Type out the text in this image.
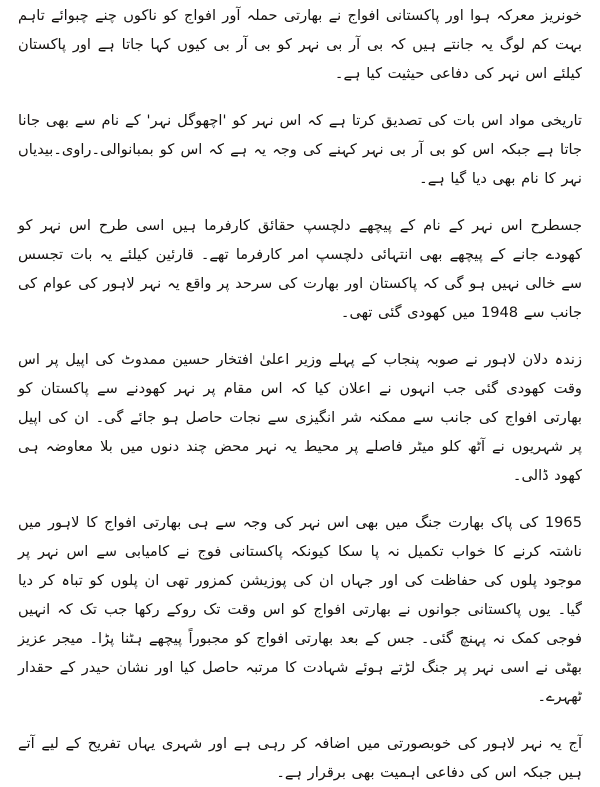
خونریز معرکہ ہوا اور پاکستانی افواج نے بھارتی حملہ آور افواج کو ناکوں چنے چبوائے تاہم بہت کم لوگ یہ جانتے ہیں کہ بی آر بی نہر کو بی آر بی کیوں کہا جاتا ہے اور پاکستان کیلئے اس نہر کی دفاعی حیثیت کیا ہے۔

تاریخی مواد اس بات کی تصدیق کرتا ہے کہ اس نہر کو 'اچھوگل نہر' کے نام سے بھی جانا جاتا ہے جبکہ اس کو بی آر بی نہر کہنے کی وجہ یہ ہے کہ اس کو بمبانوالی۔راوی۔بیدیاں نہر کا نام بھی دیا گیا ہے۔

جسطرح اس نہر کے نام کے پیچھے دلچسپ حقائق کارفرما ہیں اسی طرح اس نہر کو کھودے جانے کے پیچھے بھی انتہائی دلچسپ امر کارفرما تھے۔ قارئین کیلئے یہ بات تجسس سے خالی نہیں ہو گی کہ پاکستان اور بھارت کی سرحد پر واقع یہ نہر لاہور کی عوام کی جانب سے 1948 میں کھودی گئی تھی۔

زندہ دلان لاہور نے صوبہ پنجاب کے پہلے وزیر اعلیٰ افتخار حسین ممدوٹ کی اپیل پر اس وقت کھودی گئی جب انہوں نے اعلان کیا کہ اس مقام پر نہر کھودنے سے پاکستان کو بھارتی افواج کی جانب سے ممکنہ شر انگیزی سے نجات حاصل ہو جائے گی۔ ان کی اپیل پر شہریوں نے آٹھ کلو میٹر فاصلے پر محیط یہ نہر محض چند دنوں میں بلا معاوضہ ہی کھود ڈالی۔

1965 کی پاک بھارت جنگ میں بھی اس نہر کی وجہ سے ہی بھارتی افواج کا لاہور میں ناشتہ کرنے کا خواب تکمیل نہ پا سکا کیونکہ پاکستانی فوج نے کامیابی سے اس نہر پر موجود پلوں کی حفاظت کی اور جہاں ان کی پوزیشن کمزور تھی ان پلوں کو تباہ کر دیا گیا۔ یوں پاکستانی جوانوں نے بھارتی افواج کو اس وقت تک روکے رکھا جب تک کہ انہیں فوجی کمک نہ پہنچ گئی۔ جس کے بعد بھارتی افواج کو مجبوراً پیچھے ہٹنا پڑا۔ میجر عزیز بھٹی نے اسی نہر پر جنگ لڑتے ہوئے شہادت کا مرتبہ حاصل کیا اور نشان حیدر کے حقدار ٹھہرے۔

آج یہ نہر لاہور کی خوبصورتی میں اضافہ کر رہی ہے اور شہری یہاں تفریح کے لیے آتے ہیں جبکہ اس کی دفاعی اہمیت بھی برقرار ہے۔
